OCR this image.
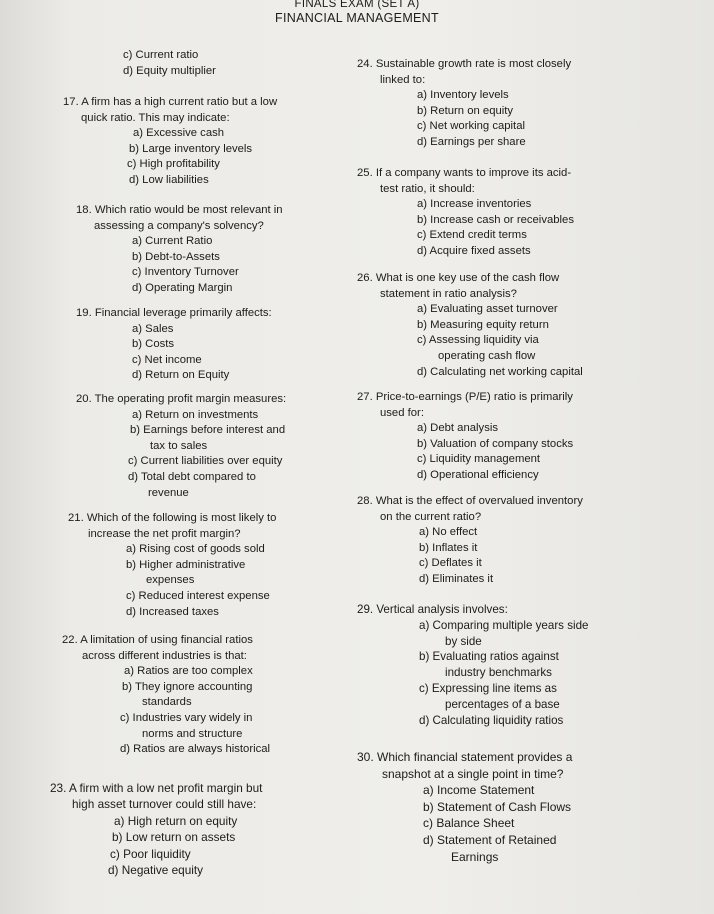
FINALS EXAM (SET A)
FINANCIAL MANAGEMENT
c) Current ratio
d) Equity multiplier
17. A firm has a high current ratio but a low
quick ratio. This may indicate:
a) Excessive cash
b) Large inventory levels
c) High profitability
d) Low liabilities
18. Which ratio would be most relevant in
assessing a company's solvency?
a) Current Ratio
b) Debt-to-Assets
c) Inventory Turnover
d) Operating Margin
19. Financial leverage primarily affects:
a) Sales
b) Costs
c) Net income
d) Return on Equity
20. The operating profit margin measures:
a) Return on investments
b) Earnings before interest and
tax to sales
c) Current liabilities over equity
d) Total debt compared to
revenue
21. Which of the following is most likely to
increase the net profit margin?
a) Rising cost of goods sold
b) Higher administrative
expenses
c) Reduced interest expense
d) Increased taxes
22. A limitation of using financial ratios
across different industries is that:
a) Ratios are too complex
b) They ignore accounting
standards
c) Industries vary widely in
norms and structure
d) Ratios are always historical
23. A firm with a low net profit margin but
high asset turnover could still have:
a) High return on equity
b) Low return on assets
c) Poor liquidity
d) Negative equity
24. Sustainable growth rate is most closely
linked to:
a) Inventory levels
b) Return on equity
c) Net working capital
d) Earnings per share
25. If a company wants to improve its acid-
test ratio, it should:
a) Increase inventories
b) Increase cash or receivables
c) Extend credit terms
d) Acquire fixed assets
26. What is one key use of the cash flow
statement in ratio analysis?
a) Evaluating asset turnover
b) Measuring equity return
c) Assessing liquidity via
operating cash flow
d) Calculating net working capital
27. Price-to-earnings (P/E) ratio is primarily
used for:
a) Debt analysis
b) Valuation of company stocks
c) Liquidity management
d) Operational efficiency
28. What is the effect of overvalued inventory
on the current ratio?
a) No effect
b) Inflates it
c) Deflates it
d) Eliminates it
29. Vertical analysis involves:
a) Comparing multiple years side
by side
b) Evaluating ratios against
industry benchmarks
c) Expressing line items as
percentages of a base
d) Calculating liquidity ratios
30. Which financial statement provides a
snapshot at a single point in time?
a) Income Statement
b) Statement of Cash Flows
c) Balance Sheet
d) Statement of Retained
Earnings
